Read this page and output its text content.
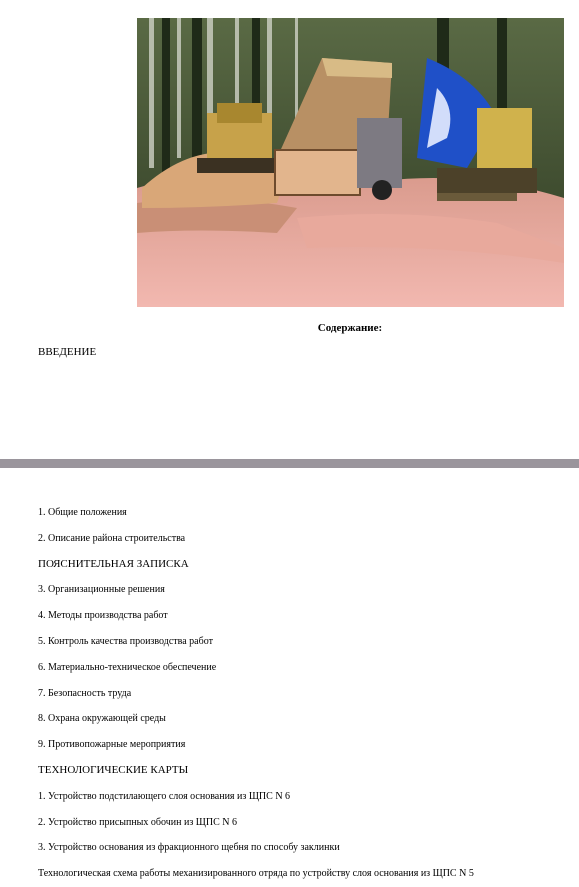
Содержание:
ВВЕДЕНИЕ
1. Общие положения
2. Описание района строительства
ПОЯСНИТЕЛЬНАЯ ЗАПИСКА
3. Организационные решения
4. Методы производства работ
5. Контроль качества производства работ
6. Материально-техническое обеспечение
7. Безопасность труда
8. Охрана окружающей среды
9. Противопожарные мероприятия
ТЕХНОЛОГИЧЕСКИЕ КАРТЫ
1. Устройство подстилающего слоя основания из ЩПС N 6
2. Устройство присыпных обочин из ЩПС N 6
3. Устройство основания из фракционного щебня по способу заклинки
Технологическая схема работы механизированного отряда по устройству слоя основания из ЩПС N 5
